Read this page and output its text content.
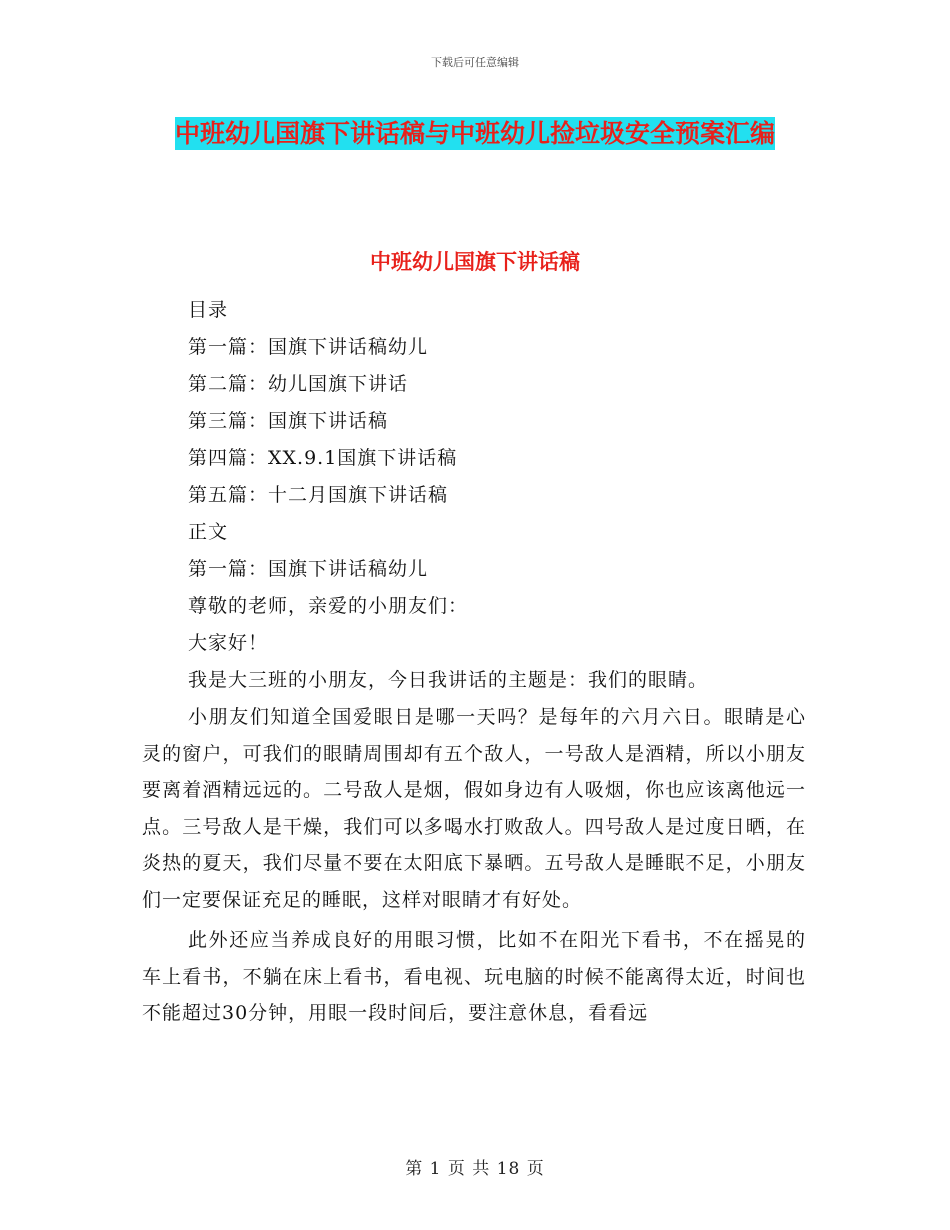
下载后可任意编辑
中班幼儿国旗下讲话稿与中班幼儿捡垃圾安全预案汇编
中班幼儿国旗下讲话稿
目录
第一篇：国旗下讲话稿幼儿
第二篇：幼儿国旗下讲话
第三篇：国旗下讲话稿
第四篇：XX.9.1国旗下讲话稿
第五篇：十二月国旗下讲话稿
正文
第一篇：国旗下讲话稿幼儿
尊敬的老师，亲爱的小朋友们：
大家好！
我是大三班的小朋友，今日我讲话的主题是：我们的眼睛。
小朋友们知道全国爱眼日是哪一天吗？是每年的六月六日。眼睛是心灵的窗户，可我们的眼睛周围却有五个敌人，一号敌人是酒精，所以小朋友要离着酒精远远的。二号敌人是烟，假如身边有人吸烟，你也应该离他远一点。三号敌人是干燥，我们可以多喝水打败敌人。四号敌人是过度日晒，在炎热的夏天，我们尽量不要在太阳底下暴晒。五号敌人是睡眠不足，小朋友们一定要保证充足的睡眠，这样对眼睛才有好处。
此外还应当养成良好的用眼习惯，比如不在阳光下看书，不在摇晃的车上看书，不躺在床上看书，看电视、玩电脑的时候不能离得太近，时间也不能超过30分钟，用眼一段时间后，要注意休息，看看远
第 1 页 共 18 页
